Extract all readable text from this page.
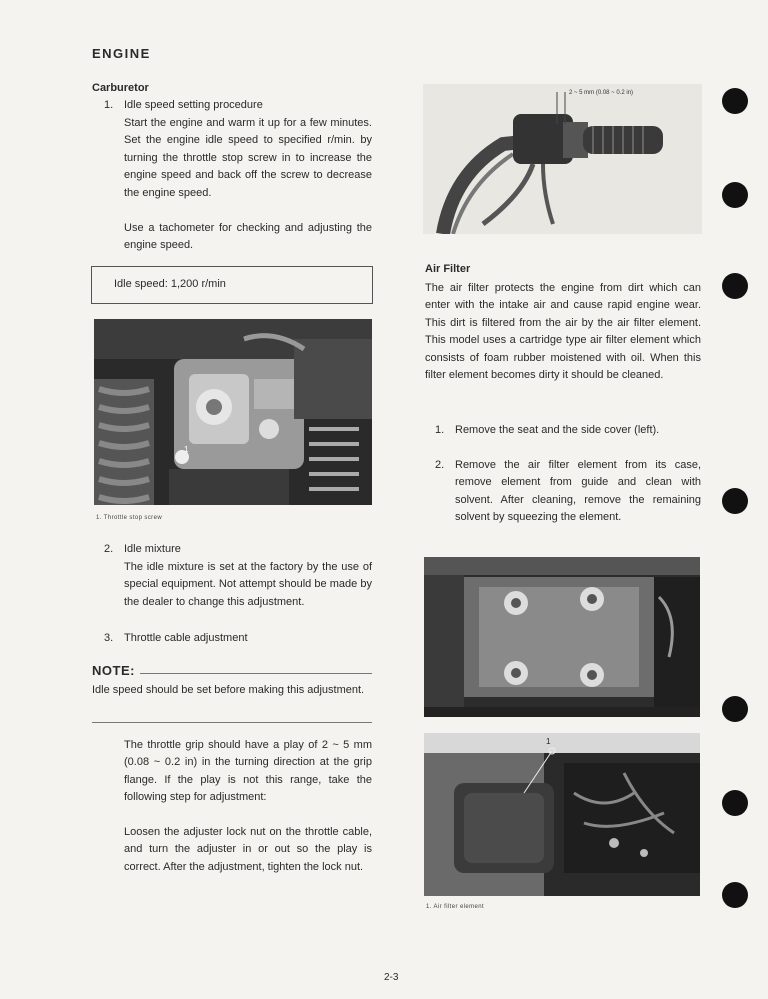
ENGINE
Carburetor
1. Idle speed setting procedure
Start the engine and warm it up for a few minutes. Set the engine idle speed to specified r/min. by turning the throttle stop screw in to increase the engine speed and back off the screw to decrease the engine speed.
Use a tachometer for checking and adjusting the engine speed.
Idle speed: 1,200 r/min
1
1. Throttle stop screw
2. Idle mixture
The idle mixture is set at the factory by the use of special equipment. Not attempt should be made by the dealer to change this adjustment.
3. Throttle cable adjustment
NOTE:
Idle speed should be set before making this adjustment.
The throttle grip should have a play of 2 ~ 5 mm (0.08 ~ 0.2 in) in the turning direction at the grip flange. If the play is not this range, take the following step for adjustment:
Loosen the adjuster lock nut on the throttle cable, and turn the adjuster in or out so the play is correct. After the adjustment, tighten the lock nut.
2 ~ 5 mm (0.08 ~ 0.2 in)
Air Filter
The air filter protects the engine from dirt which can enter with the intake air and cause rapid engine wear. This dirt is filtered from the air by the air filter element. This model uses a cartridge type air filter element which consists of foam rubber moistened with oil. When this filter element becomes dirty it should be cleaned.
1. Remove the seat and the side cover (left).
2. Remove the air filter element from its case, remove element from guide and clean with solvent. After cleaning, remove the remaining solvent by squeezing the element.
1
1. Air filter element
2-3
